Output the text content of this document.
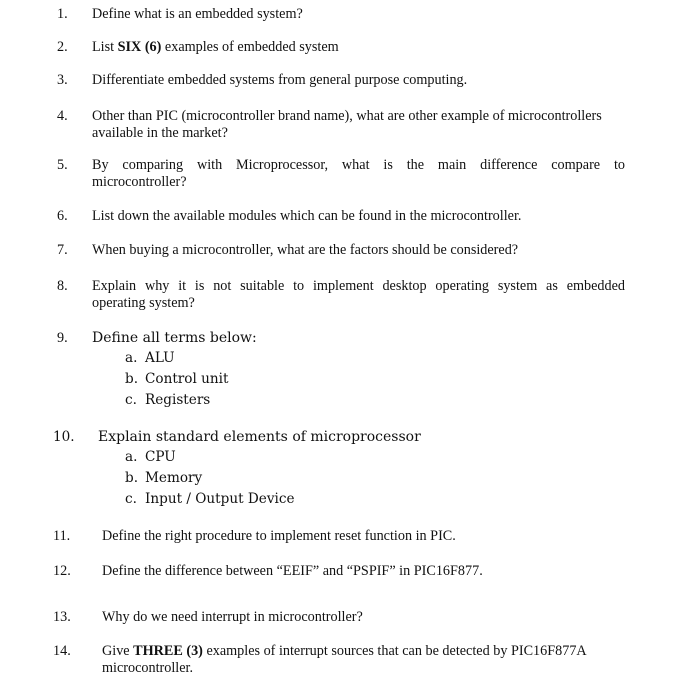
1. Define what is an embedded system?
2. List SIX (6) examples of embedded system
3. Differentiate embedded systems from general purpose computing.
4. Other than PIC (microcontroller brand name), what are other example of microcontrollers
available in the market?
5. By comparing with Microprocessor, what is the main difference compare to
microcontroller?
6. List down the available modules which can be found in the microcontroller.
7. When buying a microcontroller, what are the factors should be considered?
8. Explain why it is not suitable to implement desktop operating system as embedded
operating system?
9. Define all terms below:
a. ALU
b. Control unit
c. Registers
10. Explain standard elements of microprocessor
a. CPU
b. Memory
c. Input / Output Device
11. Define the right procedure to implement reset function in PIC.
12. Define the difference between “EEIF” and “PSPIF” in PIC16F877.
13. Why do we need interrupt in microcontroller?
14. Give THREE (3) examples of interrupt sources that can be detected by PIC16F877A
microcontroller.
